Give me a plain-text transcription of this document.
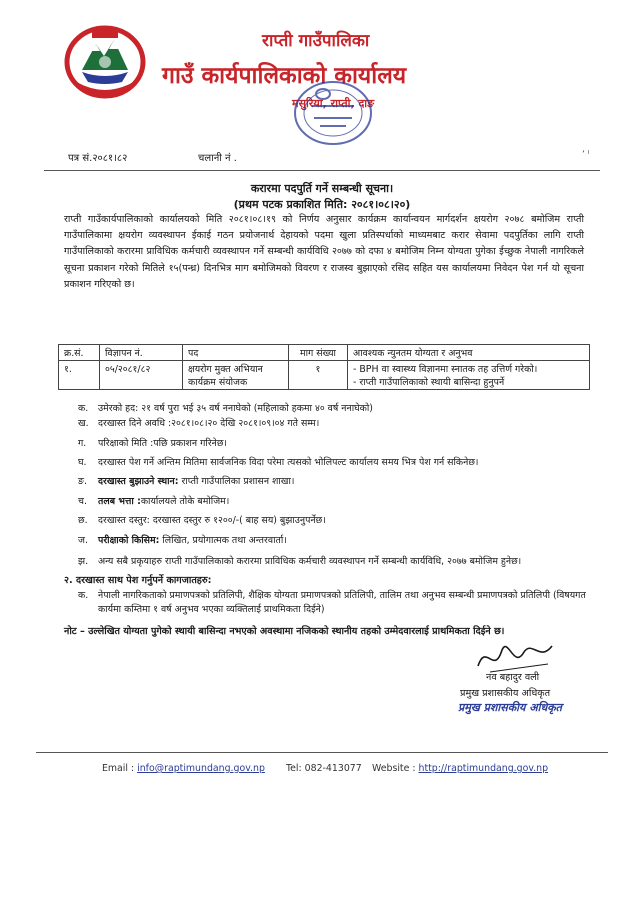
राप्ती गाउँपालिका
गाउँ कार्यपालिकाको कार्यालय
मसुरिया, राप्ती, दाङ
पत्र सं.२०८१।८२	चलानी नं .	ʼ ˡ
करारमा पदपुर्ति गर्ने सम्बन्धी सूचना।
(प्रथम पटक प्रकाशित मिति: २०८१।०८।२०)
राप्ती गाउँकार्यपालिकाको कार्यालयको मिति २०८१।०८।१९ को निर्णय अनुसार कार्यक्रम कार्यान्वयन मार्गदर्शन क्षयरोग २०७८ बमोजिम राप्ती गाउँपालिकामा क्षयरोग व्यवस्थापन ईकाई गठन प्रयोजनार्थ देहायको पदमा खुला प्रतिस्पर्धाको माध्यमबाट करार सेवामा पदपुर्तिका लागि राप्ती गाउँपालिकाको करारमा प्राविधिक कर्मचारी व्यवस्थापन गर्ने सम्बन्धी कार्यविधि २०७७ को दफा ४ बमोजिम निम्न योग्यता पुगेका ईच्छुक नेपाली नागरिकले सूचना प्रकाशन गरेको मितिले १५(पन्ध्र) दिनभित्र माग बमोजिमको विवरण र राजस्व बुझाएको रसिद सहित यस कार्यालयमा निवेदन पेश गर्न यो सूचना प्रकाशन गरिएको छ।
क्र.सं.	विज्ञापन नं.	पद	माग संख्या	आवश्यक न्युनतम योग्यता र अनुभव
१.	०५/२०८१/८२	क्षयरोग मुक्त अभियान कार्यक्रम संयोजक	१	- BPH वा स्वास्थ्य विज्ञानमा स्नातक तह उत्तिर्ण गरेको।
- राप्ती गाउँपालिकाको स्थायी बासिन्दा हुनुपर्ने
क. उमेरको हद: २१ वर्ष पुरा भई ३५ वर्ष ननाघेको (महिलाको हकमा ४० वर्ष ननाघेको)
ख. दरखास्त दिने अवधि :२०८१।०८।२० देखि २०८१।०९।०४ गते सम्म।
ग. परिक्षाको मिति :पछि प्रकाशन गरिनेछ।
घ. दरखास्त पेश गर्ने अन्तिम मितिमा सार्वजनिक विदा परेमा त्यसको भोलिपल्ट कार्यालय समय भित्र पेश गर्न सकिनेछ।
ङ. दरखास्त बुझाउने स्थान: राप्ती गाउँपालिका प्रशासन शाखा।
च. तलब भत्ता :कार्यालयले तोके बमोजिम।
छ. दरखास्त दस्तुर: दरखास्त दस्तुर रु १२००/-( बाह सय) बुझाउनुपर्नेछ।
ज. परीक्षाको किसिम: लिखित, प्रयोगात्मक तथा अन्तरवार्ता।
झ.	अन्य सबै प्रकृयाहरु राप्ती गाउँपालिकाको करारमा प्राविधिक कर्मचारी व्यवस्थापन गर्ने सम्बन्धी कार्यविधि, २०७७ बमोजिम हुनेछ।
२. दरखास्त साथ पेश गर्नुपर्ने कागजातहरु:
क.	नेपाली नागरिकताको प्रमाणपत्रको प्रतिलिपी, शैक्षिक योग्यता प्रमाणपत्रको प्रतिलिपी, तालिम तथा अनुभव सम्बन्धी प्रमाणपत्रको प्रतिलिपी (विषयगत कार्यमा कम्तिमा १ वर्ष अनुभव भएका व्यक्तिलाई प्राथमिकता दिईने)
नोट – उल्लेखित योग्यता पुगेको स्थायी बासिन्दा नभएको अवस्थामा नजिकको स्थानीय तहको उम्मेदवारलाई प्राथमिकता दिईने छ।
नव बहादुर वली
प्रमुख प्रशासकीय अधिकृत
प्रमुख प्रशासकीय अधिकृत
Email : info@raptimundang.gov.np Tel: 082-413077 Website : http://raptimundang.gov.np
